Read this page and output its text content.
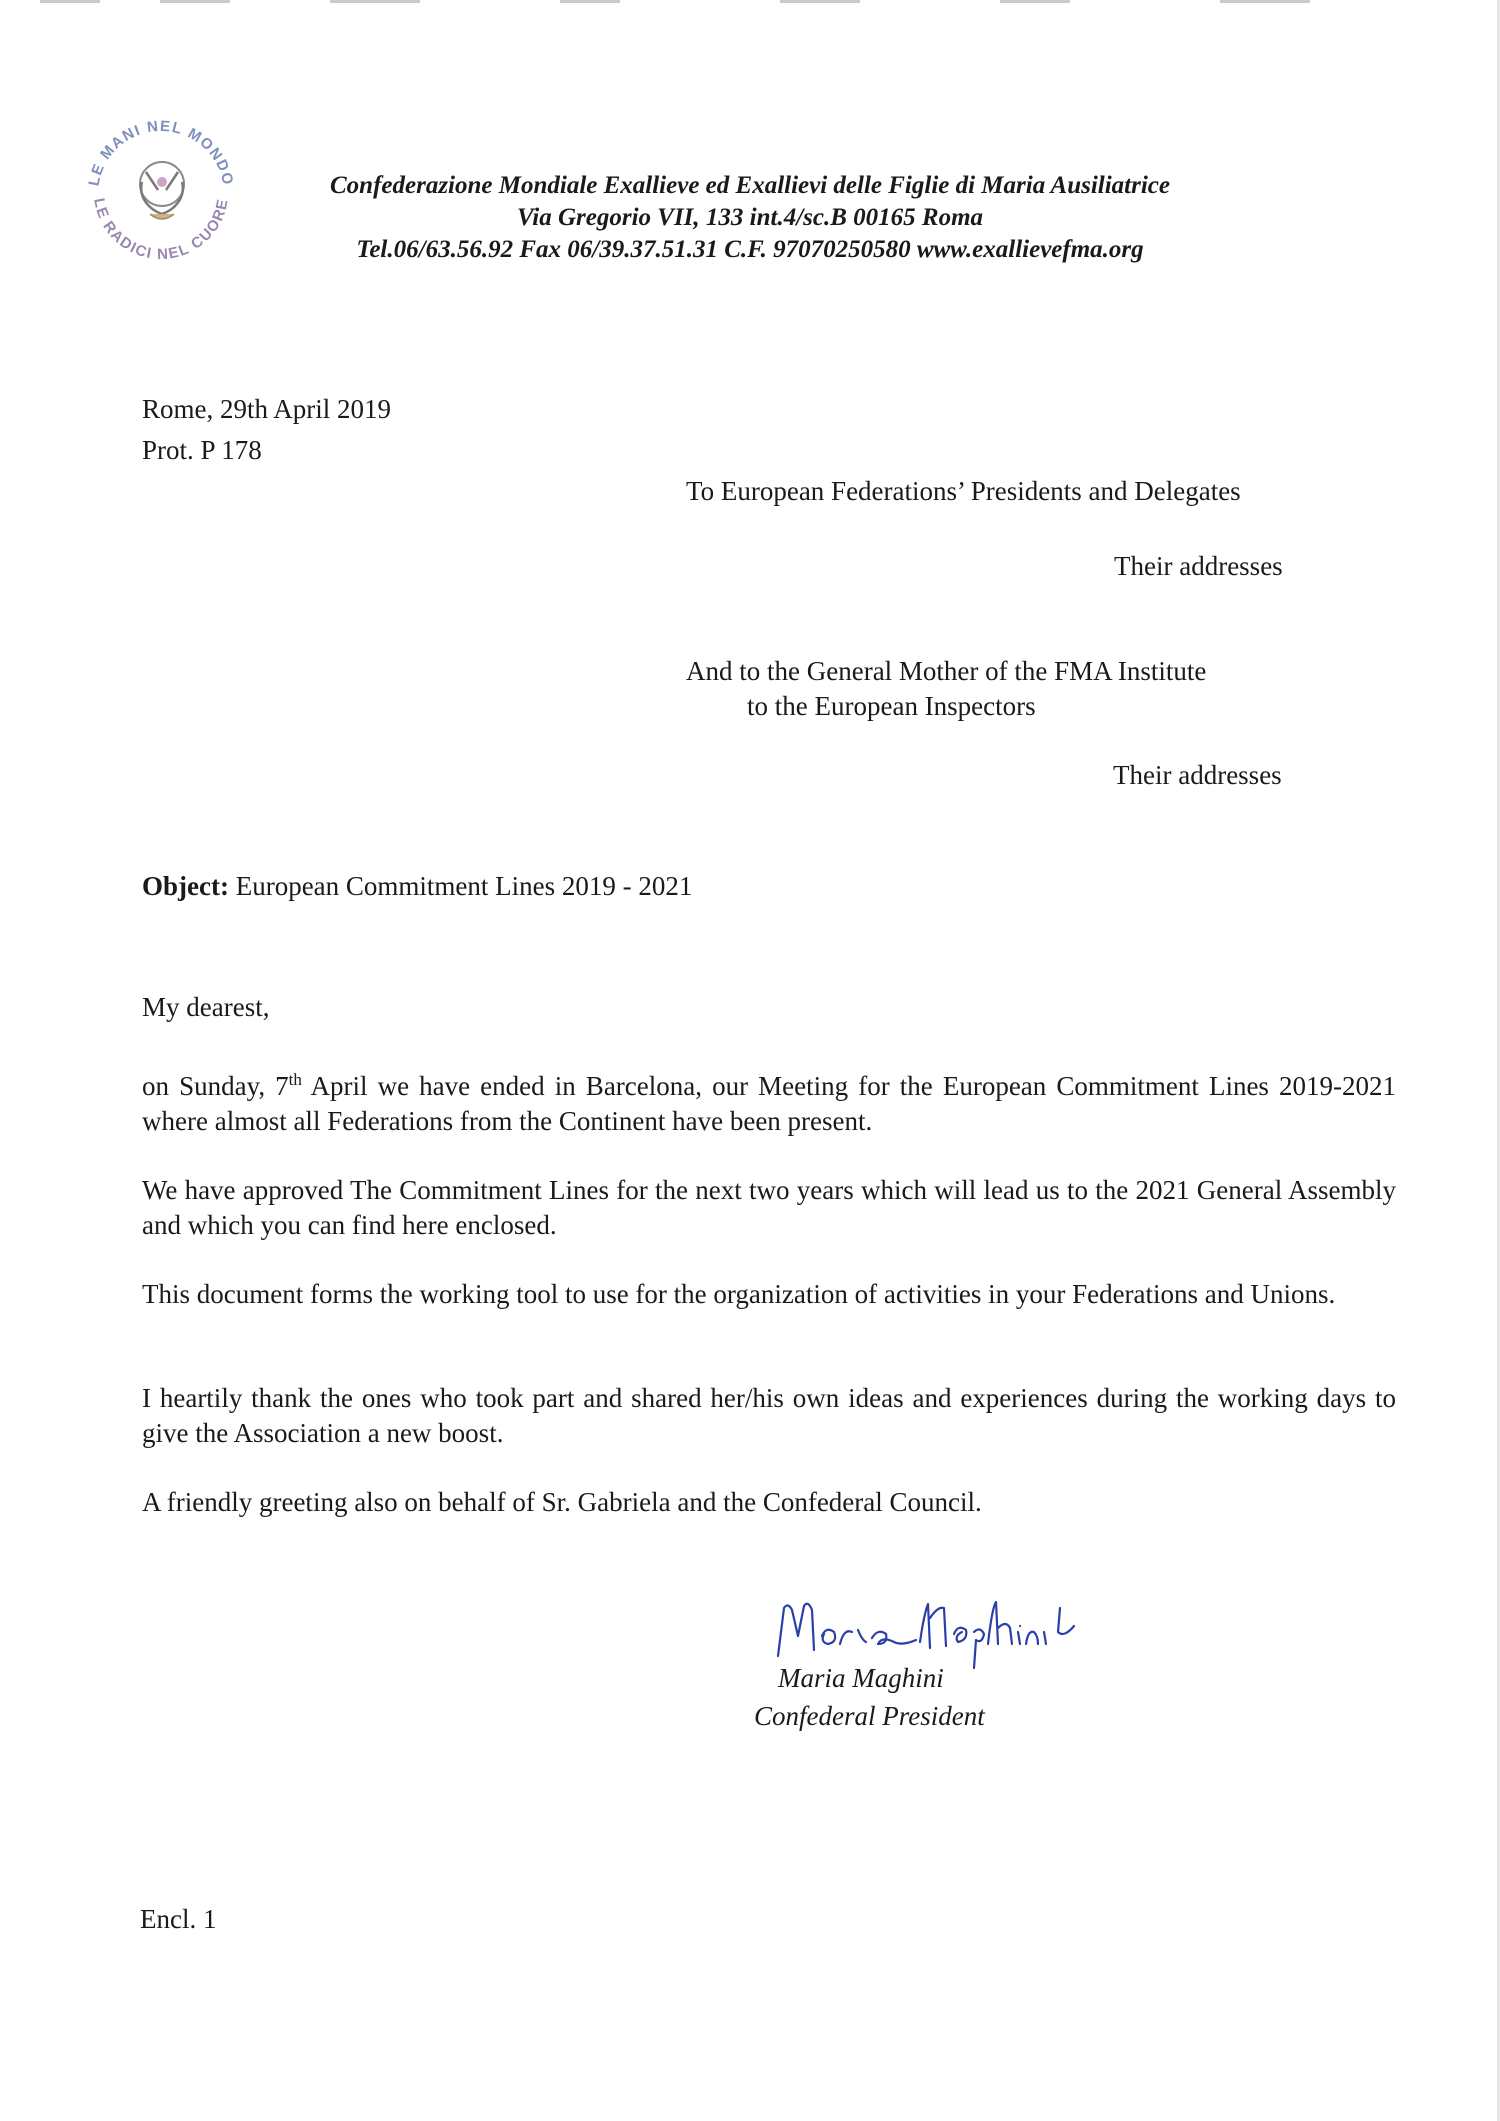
LE MANI NEL MONDO
LE RADICI NEL CUORE
Confederazione Mondiale Exallieve ed Exallievi delle Figlie di Maria Ausiliatrice
Via Gregorio VII, 133 int.4/sc.B 00165 Roma
Tel.06/63.56.92 Fax 06/39.37.51.31 C.F. 97070250580 www.exallievefma.org
Rome, 29th April 2019
Prot. P 178
To European Federations’ Presidents and Delegates
Their addresses
And to the General Mother of the FMA Institute
to the European Inspectors
Their addresses
Object: European Commitment Lines 2019 - 2021
My dearest,
on Sunday, 7th April we have ended in Barcelona, our Meeting for the European Commitment Lines 2019-2021 where almost all Federations from the Continent have been present.
We have approved The Commitment Lines for the next two years which will lead us to the 2021 General Assembly and which you can find here enclosed.
This document forms the working tool to use for the organization of activities in your Federations and Unions.
I heartily thank the ones who took part and shared her/his own ideas and experiences during the working days to give the Association a new boost.
A friendly greeting also on behalf of Sr. Gabriela and the Confederal Council.
Maria Maghini
Confederal President
Encl. 1
